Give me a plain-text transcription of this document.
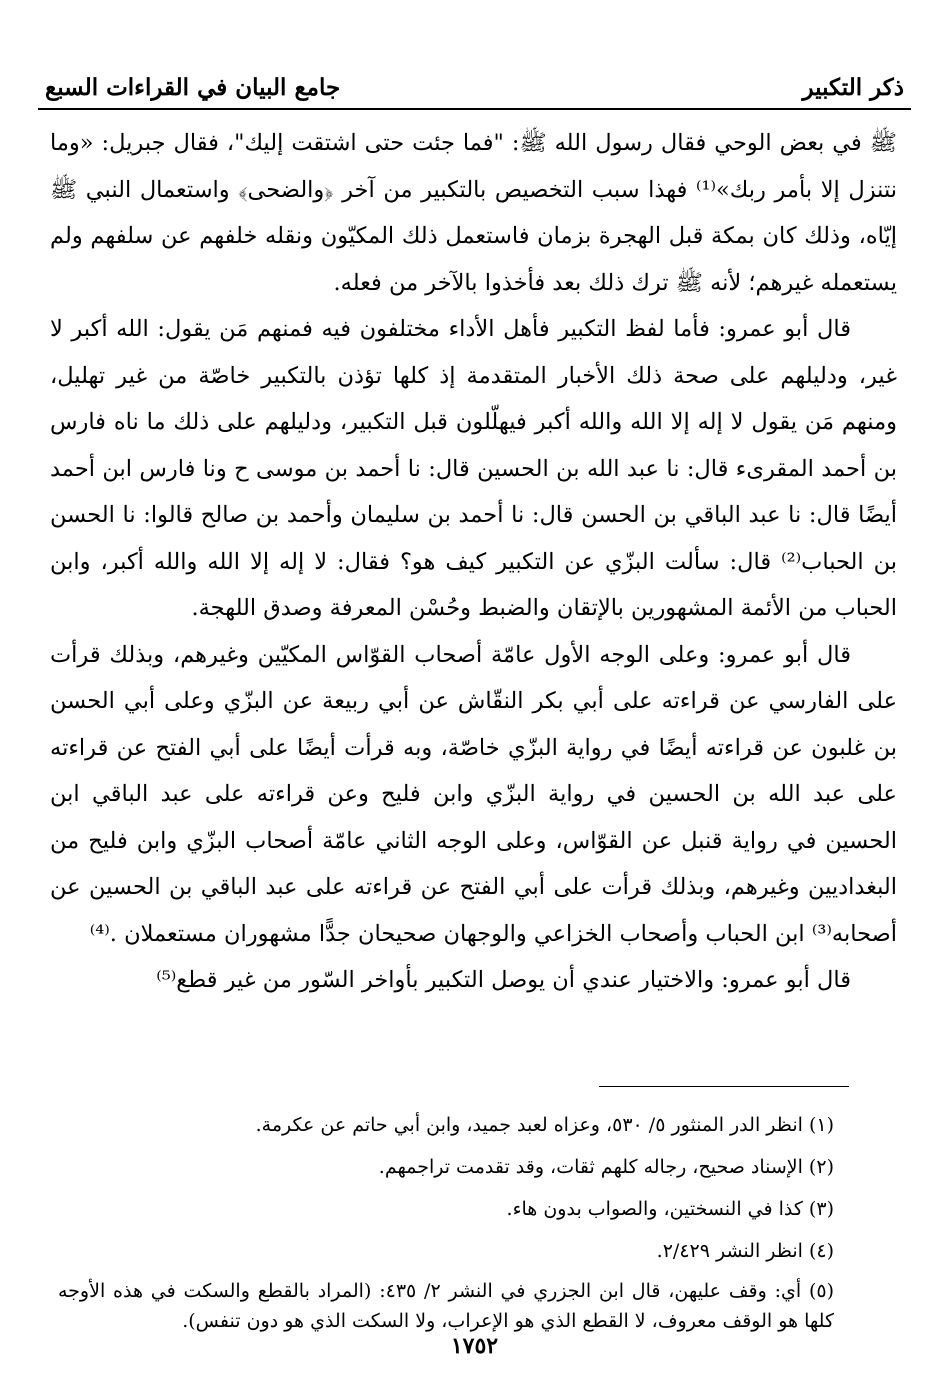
ذكر التكبير
جامع البيان في القراءات السبع

ﷺ في بعض الوحي فقال رسول الله ﷺ: "فما جئت حتى اشتقت إليك"، فقال جبريل: «وما نتنزل إلا بأمر ربك»⁽¹⁾ فهذا سبب التخصيص بالتكبير من آخر ﴿والضحى﴾ واستعمال النبي ﷺ إيّاه، وذلك كان بمكة قبل الهجرة بزمان فاستعمل ذلك المكيّون ونقله خلفهم عن سلفهم ولم يستعمله غيرهم؛ لأنه ﷺ ترك ذلك بعد فأخذوا بالآخر من فعله.

قال أبو عمرو: فأما لفظ التكبير فأهل الأداء مختلفون فيه فمنهم مَن يقول: الله أكبر لا غير، ودليلهم على صحة ذلك الأخبار المتقدمة إذ كلها تؤذن بالتكبير خاصّة من غير تهليل، ومنهم مَن يقول لا إله إلا الله والله أكبر فيهلّلون قبل التكبير، ودليلهم على ذلك ما ناه فارس بن أحمد المقرىء قال: نا عبد الله بن الحسين قال: نا أحمد بن موسى ح ونا فارس ابن أحمد أيضًا قال: نا عبد الباقي بن الحسن قال: نا أحمد بن سليمان وأحمد بن صالح قالوا: نا الحسن بن الحباب⁽²⁾ قال: سألت البزّي عن التكبير كيف هو؟ فقال: لا إله إلا الله والله أكبر، وابن الحباب من الأئمة المشهورين بالإتقان والضبط وحُسْن المعرفة وصدق اللهجة.

قال أبو عمرو: وعلى الوجه الأول عامّة أصحاب القوّاس المكيّين وغيرهم، وبذلك قرأت على الفارسي عن قراءته على أبي بكر النقّاش عن أبي ربيعة عن البزّي وعلى أبي الحسن بن غلبون عن قراءته أيضًا في رواية البزّي خاصّة، وبه قرأت أيضًا على أبي الفتح عن قراءته على عبد الله بن الحسين في رواية البزّي وابن فليح وعن قراءته على عبد الباقي ابن الحسين في رواية قنبل عن القوّاس، وعلى الوجه الثاني عامّة أصحاب البزّي وابن فليح من البغداديين وغيرهم، وبذلك قرأت على أبي الفتح عن قراءته على عبد الباقي بن الحسين عن أصحابه⁽³⁾ ابن الحباب وأصحاب الخزاعي والوجهان صحيحان جدًّا مشهوران مستعملان .⁽⁴⁾

قال أبو عمرو: والاختيار عندي أن يوصل التكبير بأواخر السّور من غير قطع⁽⁵⁾

(١) انظر الدر المنثور ٥/ ٥٣٠، وعزاه لعبد جميد، وابن أبي حاتم عن عكرمة.
(٢) الإسناد صحيح، رجاله كلهم ثقات، وقد تقدمت تراجمهم.
(٣) كذا في النسختين، والصواب بدون هاء.
(٤) انظر النشر ٢/٤٢٩.
(٥) أي: وقف عليهن، قال ابن الجزري في النشر ٢/ ٤٣٥: (المراد بالقطع والسكت في هذه الأوجه كلها هو الوقف معروف، لا القطع الذي هو الإعراب، ولا السكت الذي هو دون تنفس).
١٧٥٢
